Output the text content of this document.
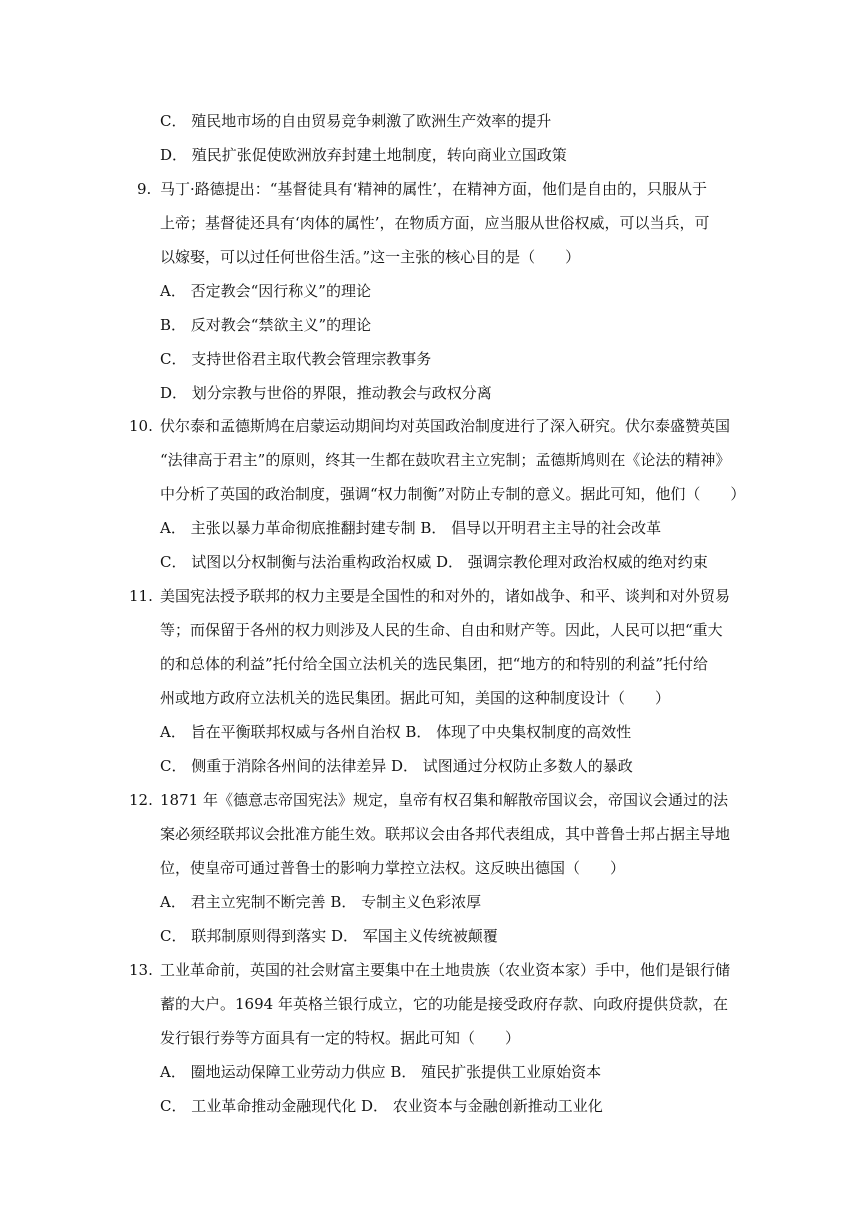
C． 殖民地市场的自由贸易竞争刺激了欧洲生产效率的提升
D． 殖民扩张促使欧洲放弃封建土地制度，转向商业立国政策
9. 马丁·路德提出：“基督徒具有‘精神的属性’，在精神方面，他们是自由的，只服从于
上帝；基督徒还具有‘肉体的属性’，在物质方面，应当服从世俗权威，可以当兵，可
以嫁娶，可以过任何世俗生活。”这一主张的核心目的是（　　）
A． 否定教会“因行称义”的理论
B． 反对教会“禁欲主义”的理论
C． 支持世俗君主取代教会管理宗教事务
D． 划分宗教与世俗的界限，推动教会与政权分离
10. 伏尔泰和孟德斯鸠在启蒙运动期间均对英国政治制度进行了深入研究。伏尔泰盛赞英国
“法律高于君主”的原则，终其一生都在鼓吹君主立宪制；孟德斯鸠则在《论法的精神》
中分析了英国的政治制度，强调“权力制衡”对防止专制的意义。据此可知，他们（　　）
A． 主张以暴力革命彻底推翻封建专制 B． 倡导以开明君主主导的社会改革
C． 试图以分权制衡与法治重构政治权威 D． 强调宗教伦理对政治权威的绝对约束
11. 美国宪法授予联邦的权力主要是全国性的和对外的，诸如战争、和平、谈判和对外贸易
等；而保留于各州的权力则涉及人民的生命、自由和财产等。因此，人民可以把“重大
的和总体的利益”托付给全国立法机关的选民集团，把“地方的和特别的利益”托付给
州或地方政府立法机关的选民集团。据此可知，美国的这种制度设计（　　）
A． 旨在平衡联邦权威与各州自治权 B． 体现了中央集权制度的高效性
C． 侧重于消除各州间的法律差异 D． 试图通过分权防止多数人的暴政
12. 1871 年《德意志帝国宪法》规定，皇帝有权召集和解散帝国议会，帝国议会通过的法
案必须经联邦议会批准方能生效。联邦议会由各邦代表组成，其中普鲁士邦占据主导地
位，使皇帝可通过普鲁士的影响力掌控立法权。这反映出德国（　　）
A． 君主立宪制不断完善 B． 专制主义色彩浓厚
C． 联邦制原则得到落实 D． 军国主义传统被颠覆
13. 工业革命前，英国的社会财富主要集中在土地贵族（农业资本家）手中，他们是银行储
蓄的大户。1694 年英格兰银行成立，它的功能是接受政府存款、向政府提供贷款，在
发行银行券等方面具有一定的特权。据此可知（　　）
A． 圈地运动保障工业劳动力供应 B． 殖民扩张提供工业原始资本
C． 工业革命推动金融现代化 D． 农业资本与金融创新推动工业化
